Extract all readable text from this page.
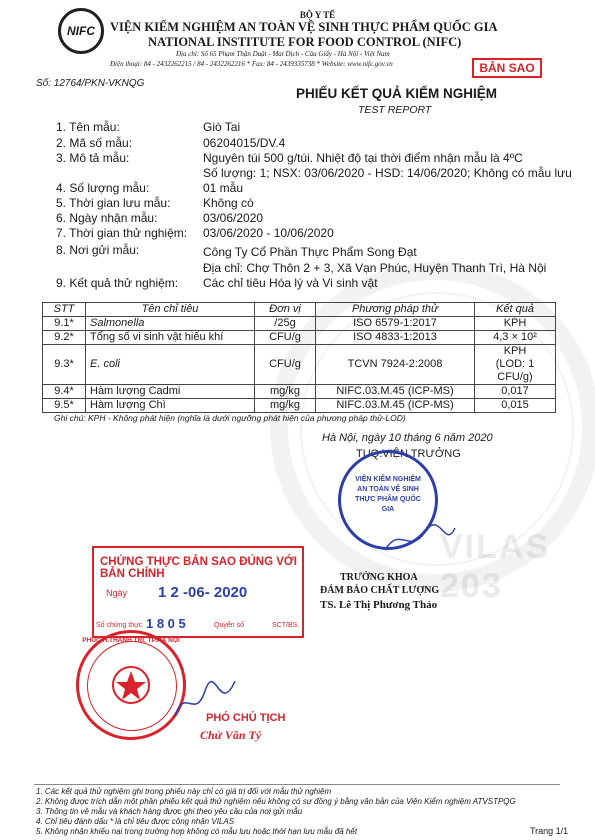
VILAS 203
NIFC
BỘ Y TẾ
VIỆN KIỂM NGHIỆM AN TOÀN VỆ SINH THỰC PHẨM QUỐC GIA
NATIONAL INSTITUTE FOR FOOD CONTROL (NIFC)
Địa chỉ: Số 65 Phạm Thận Duật - Mai Dịch - Cầu Giấy - Hà Nội - Việt Nam
Điện thoại: 84 - 2432262215 / 84 - 2432262216 * Fax: 84 - 2439335738 * Website: www.nifc.gov.vn	BẢN SAO
Số: 12764/PKN-VKNQG
PHIẾU KẾT QUẢ KIỂM NGHIỆM
TEST REPORT
1. Tên mẫu:	Giò Tai
2. Mã số mẫu:	06204015/DV.4
3. Mô tả mẫu:	Nguyên túi 500 g/túi. Nhiệt độ tại thời điểm nhận mẫu là 4ºC
Số lượng: 1; NSX: 03/06/2020 - HSD: 14/06/2020; Không có mẫu lưu
4. Số lượng mẫu:	01 mẫu
5. Thời gian lưu mẫu:	Không có
6. Ngày nhận mẫu:	03/06/2020
7. Thời gian thử nghiệm: 03/06/2020 - 10/06/2020
8. Nơi gửi mẫu:	Công Ty Cổ Phần Thực Phẩm Song Đạt
Địa chỉ: Chợ Thôn 2 + 3, Xã Vạn Phúc, Huyện Thanh Trì, Hà Nội
9. Kết quả thử nghiệm: Các chỉ tiêu Hóa lý và Vi sinh vật
STT	Tên chỉ tiêu	Đơn vị	Phương pháp thử	Kết quả
9.1*	Salmonella	/25g	ISO 6579-1:2017	KPH
9.2*	Tổng số vi sinh vật hiếu khí	CFU/g	ISO 4833-1:2013	4,3 × 10²
9.3*	E. coli	CFU/g	TCVN 7924-2:2008	KPH
(LOD: 1 CFU/g)
9.4*	Hàm lượng Cadmi	mg/kg	NIFC.03.M.45 (ICP-MS)	0,017
9.5*	Hàm lượng Chì	mg/kg	NIFC.03.M.45 (ICP-MS)	0,015
Ghi chú: KPH - Không phát hiện (nghĩa là dưới ngưỡng phát hiện của phương pháp thử-LOD)
Hà Nội, ngày 10 tháng 6 năm 2020
TUQ.VIỆN TRƯỞNG
VIỆN KIỂM NGHIỆM AN TOÀN VỆ SINH THỰC PHẨM QUỐC GIA
TRƯỞNG KHOA
ĐẢM BẢO CHẤT LƯỢNG
TS. Lê Thị Phương Thảo
CHỨNG THỰC BẢN SAO ĐÚNG VỚI BẢN CHÍNH
Ngày 1 2 -06- 2020
Số chứng thực 1 8 0 5	Quyển số	SCT/BS.
PHÚC H.THANH TRÌ, TP.HÀ NỘI
PHÓ CHỦ TỊCH
Chử Văn Tý
1. Các kết quả thử nghiệm ghi trong phiếu này chỉ có giá trị đối với mẫu thử nghiệm
2. Không được trích dẫn một phần phiếu kết quả thử nghiệm nếu không có sự đồng ý bằng văn bản của Viện Kiểm nghiệm ATVSTPQG
3. Thông tin về mẫu và khách hàng được ghi theo yêu cầu của nơi gửi mẫu
4. Chỉ tiêu đánh dấu * là chỉ tiêu được công nhận VILAS
5. Không nhận khiếu nại trong trường hợp không có mẫu lưu hoặc thời hạn lưu mẫu đã hết	Trang 1/1
